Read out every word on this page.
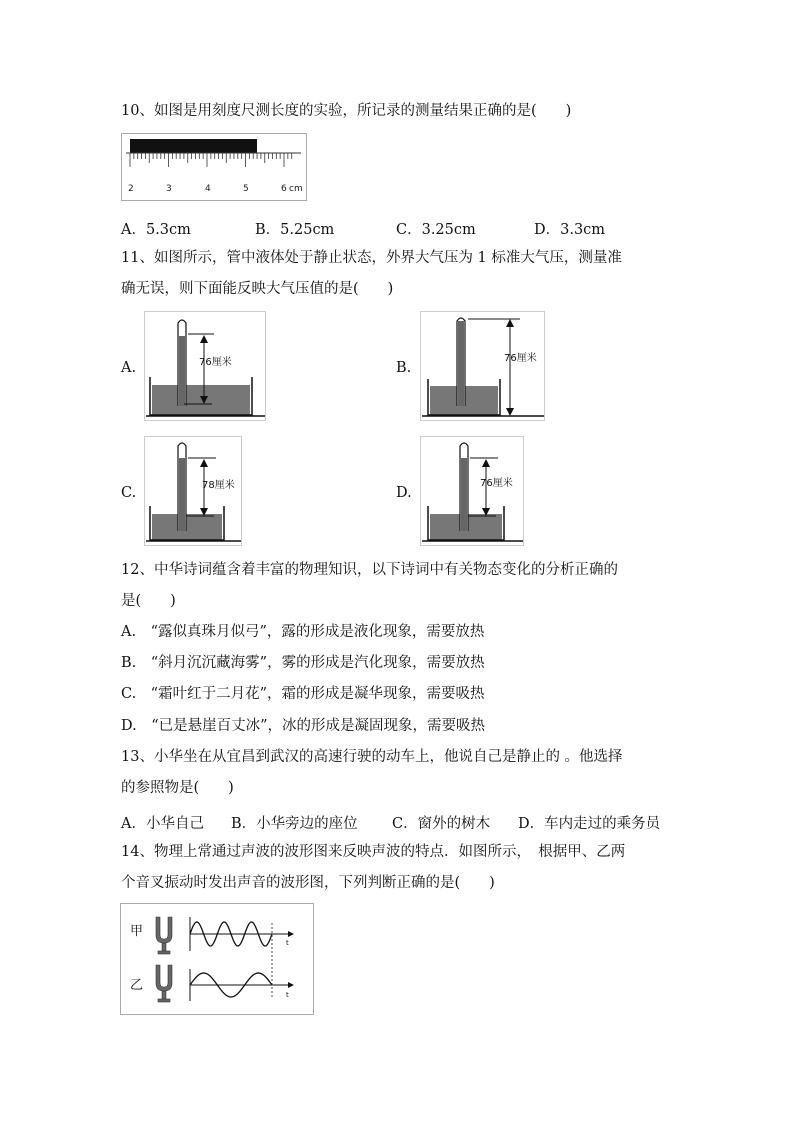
10、如图是用刻度尺测长度的实验，所记录的测量结果正确的是(　　)
2	3	4	5	6 cm
A．5.3cm	B．5.25cm	C．3.25cm	D．3.3cm
11、如图所示，管中液体处于静止状态，外界大气压为 1 标准大气压，测量准
确无误，则下面能反映大气压值的是(　　)
A.	76厘米	B.
76厘米
C.	78厘米	D.
76厘米
12、中华诗词蕴含着丰富的物理知识，以下诗词中有关物态变化的分析正确的
是(　　)
A.　“露似真珠月似弓”，露的形成是液化现象，需要放热
B.　“斜月沉沉藏海雾”，雾的形成是汽化现象，需要放热
C.　“霜叶红于二月花”，霜的形成是凝华现象，需要吸热
D.　“已是悬崖百丈冰”，冰的形成是凝固现象，需要吸热
13、小华坐在从宜昌到武汉的高速行驶的动车上，他说自己是静止的 。他选择
的参照物是(　　)
A．小华自己 B．小华旁边的座位 C．窗外的树木 D．车内走过的乘务员
14、物理上常通过声波的波形图来反映声波的特点．如图所示，　根据甲、乙两
个音叉振动时发出声音的波形图，下列判断正确的是(　　)
甲
乙
t
t
